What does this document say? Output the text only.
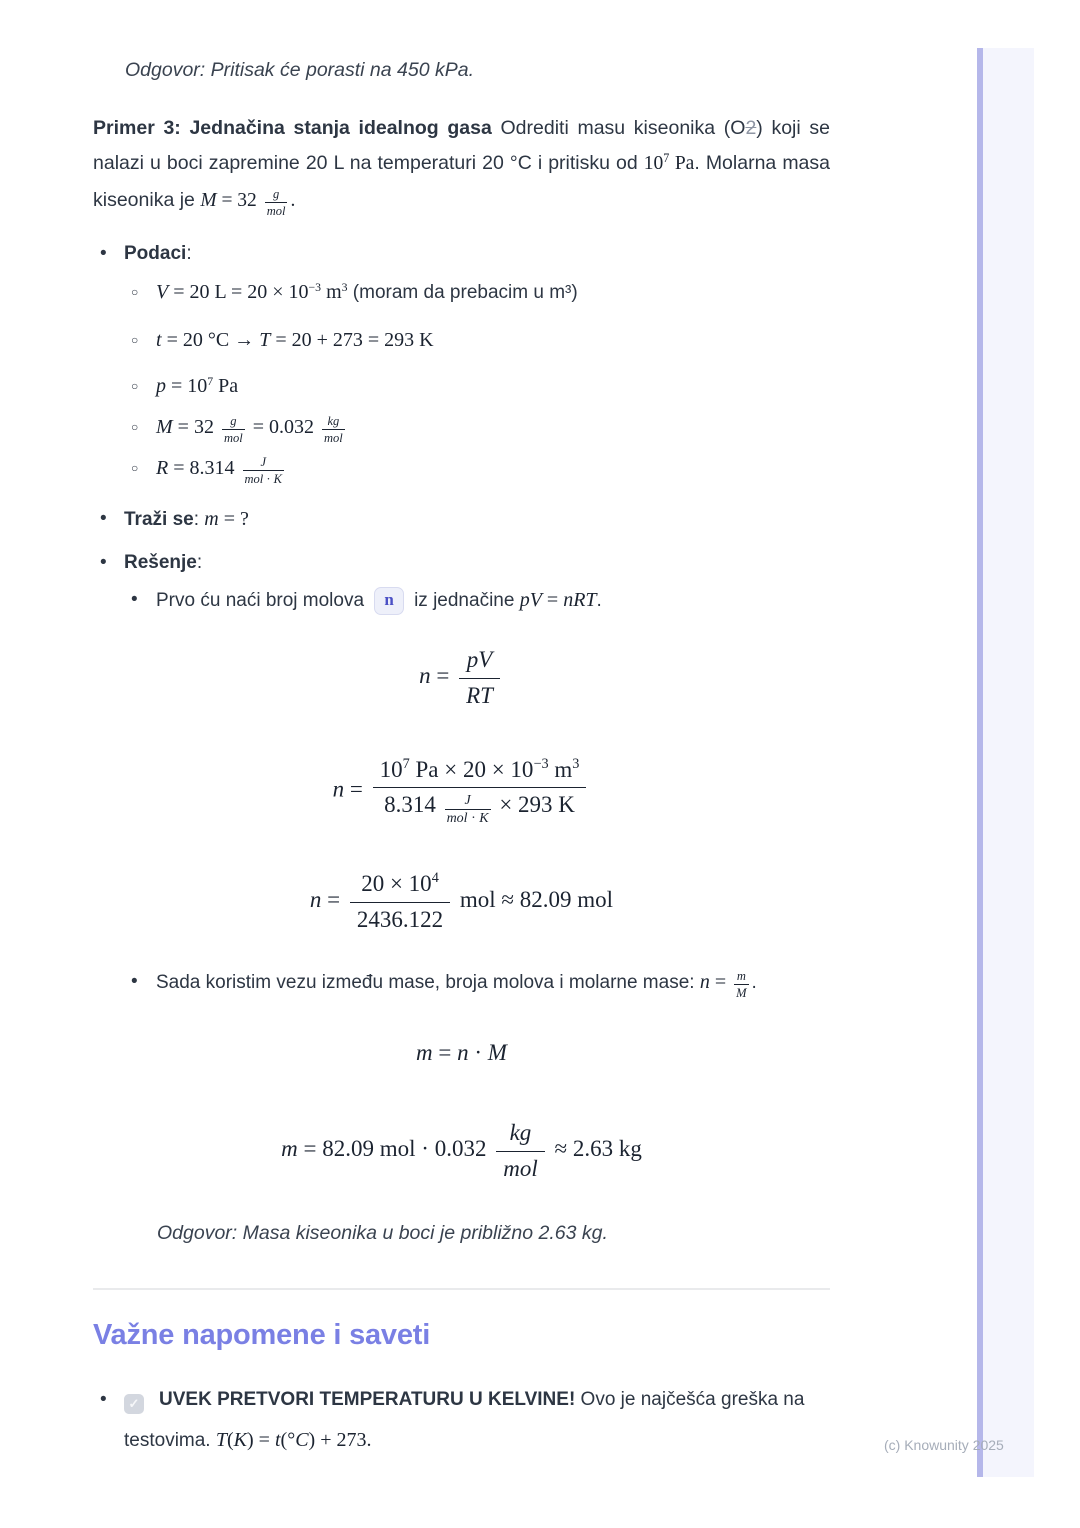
Odgovor: Pritisak će porasti na 450 kPa.
Primer 3: Jednačina stanja idealnog gasa Odrediti masu kiseonika (O2) koji se nalazi u boci zapremine 20 L na temperaturi 20 °C i pritisku od $10^7$ Pa. Molarna masa kiseonika je $M = 32 \frac{g}{\text{mol}}$ .
• Podaci:
○ V = 20 $L = 20 \times 10^{-3}$ $m^3$ (moram da prebacim u m³)
○ t = 20 °C → T = 20 + 273 = 293 K
○ $p = 10^7$ Pa
○ $M = 32 \frac{g}{\text{mol}} = 0.032 \frac{kg}{\text{mol}}$
○ $R = 8.314 \frac{J}{\text{mol · K}}$
• Traži se: m = ?
• Rešenje:
• Prvo ću naći broj molova n iz jednačine pV = nRT.
$n = \frac{pV}{RT}$
$n = \frac{10^7 Pa \times 20 \times 10^{-3} m^3}{8.314 \frac{J}{\text{mol · K}} \times 293 K}$
$n = \frac{20 \times 10^4}{2436.122}$ mol ≈ 82.09 mol
• Sada koristim vezu između mase, broja molova i molarne mase: $n = \frac{m}{M}$ .
m = n · M
m = 82.09 mol · $0.032 \frac{kg}{\text{mol}} \approx 2.63$ kg
Odgovor: Masa kiseonika u boci je približno 2.63 kg.
Važne napomene i saveti
•	✓ UVEK PRETVORI TEMPERATURU U KELVINE! Ovo je najčešća greška na testovima. T(K) = t(°C) + 273.	(c) Knowunity 2025
